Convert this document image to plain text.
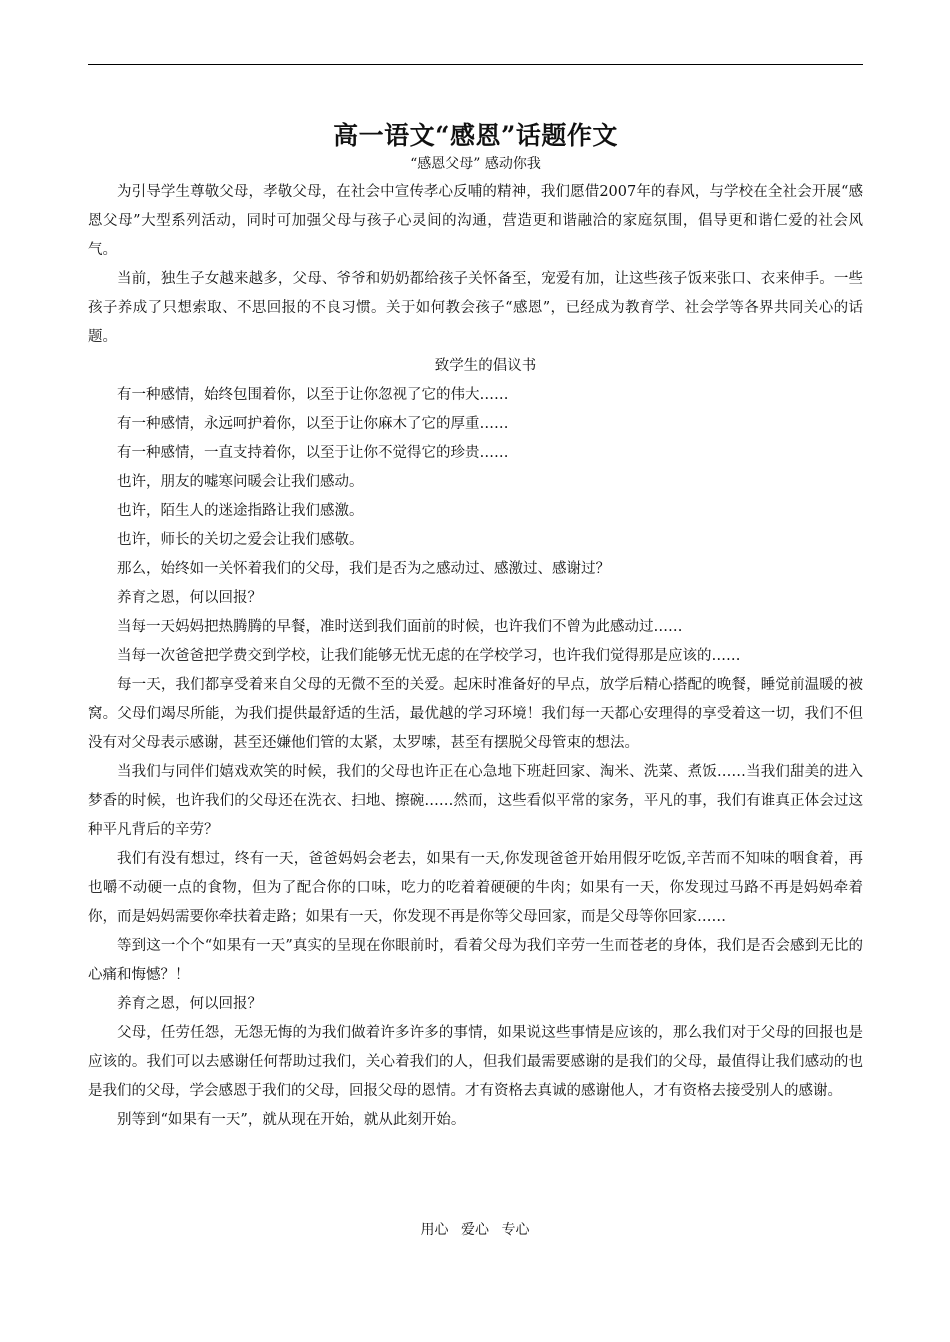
高一语文“感恩”话题作文

“感恩父母” 感动你我

为引导学生尊敬父母，孝敬父母，在社会中宣传孝心反哺的精神，我们愿借2007年的春风，与学校在全社会开展“感恩父母”大型系列活动，同时可加强父母与孩子心灵间的沟通，营造更和谐融洽的家庭氛围，倡导更和谐仁爱的社会风气。

当前，独生子女越来越多，父母、爷爷和奶奶都给孩子关怀备至，宠爱有加，让这些孩子饭来张口、衣来伸手。一些孩子养成了只想索取、不思回报的不良习惯。关于如何教会孩子“感恩”，已经成为教育学、社会学等各界共同关心的话题。

致学生的倡议书

有一种感情，始终包围着你，以至于让你忽视了它的伟大……

有一种感情，永远呵护着你，以至于让你麻木了它的厚重……

有一种感情，一直支持着你，以至于让你不觉得它的珍贵……

也许，朋友的嘘寒问暖会让我们感动。

也许，陌生人的迷途指路让我们感激。

也许，师长的关切之爱会让我们感敬。

那么，始终如一关怀着我们的父母，我们是否为之感动过、感激过、感谢过？

养育之恩，何以回报？

当每一天妈妈把热腾腾的早餐，准时送到我们面前的时候，也许我们不曾为此感动过……

当每一次爸爸把学费交到学校，让我们能够无忧无虑的在学校学习，也许我们觉得那是应该的……

每一天，我们都享受着来自父母的无微不至的关爱。起床时准备好的早点，放学后精心搭配的晚餐，睡觉前温暖的被窝。父母们竭尽所能，为我们提供最舒适的生活，最优越的学习环境！我们每一天都心安理得的享受着这一切，我们不但没有对父母表示感谢，甚至还嫌他们管的太紧，太罗嗦，甚至有摆脱父母管束的想法。

当我们与同伴们嬉戏欢笑的时候，我们的父母也许正在心急地下班赶回家、淘米、洗菜、煮饭……当我们甜美的进入梦香的时候，也许我们的父母还在洗衣、扫地、擦碗……然而，这些看似平常的家务，平凡的事，我们有谁真正体会过这种平凡背后的辛劳？

我们有没有想过，终有一天，爸爸妈妈会老去，如果有一天,你发现爸爸开始用假牙吃饭,辛苦而不知味的咽食着，再也嚼不动硬一点的食物，但为了配合你的口味，吃力的吃着着硬硬的牛肉；如果有一天，你发现过马路不再是妈妈牵着你，而是妈妈需要你牵扶着走路；如果有一天，你发现不再是你等父母回家，而是父母等你回家……

等到这一个个“如果有一天”真实的呈现在你眼前时，看着父母为我们辛劳一生而苍老的身体，我们是否会感到无比的心痛和悔憾？！

养育之恩，何以回报？

父母，任劳任怨，无怨无悔的为我们做着许多许多的事情，如果说这些事情是应该的，那么我们对于父母的回报也是应该的。我们可以去感谢任何帮助过我们，关心着我们的人，但我们最需要感谢的是我们的父母，最值得让我们感动的也是我们的父母，学会感恩于我们的父母，回报父母的恩情。才有资格去真诚的感谢他人，才有资格去接受别人的感谢。

别等到“如果有一天”，就从现在开始，就从此刻开始。

用心 爱心 专心
